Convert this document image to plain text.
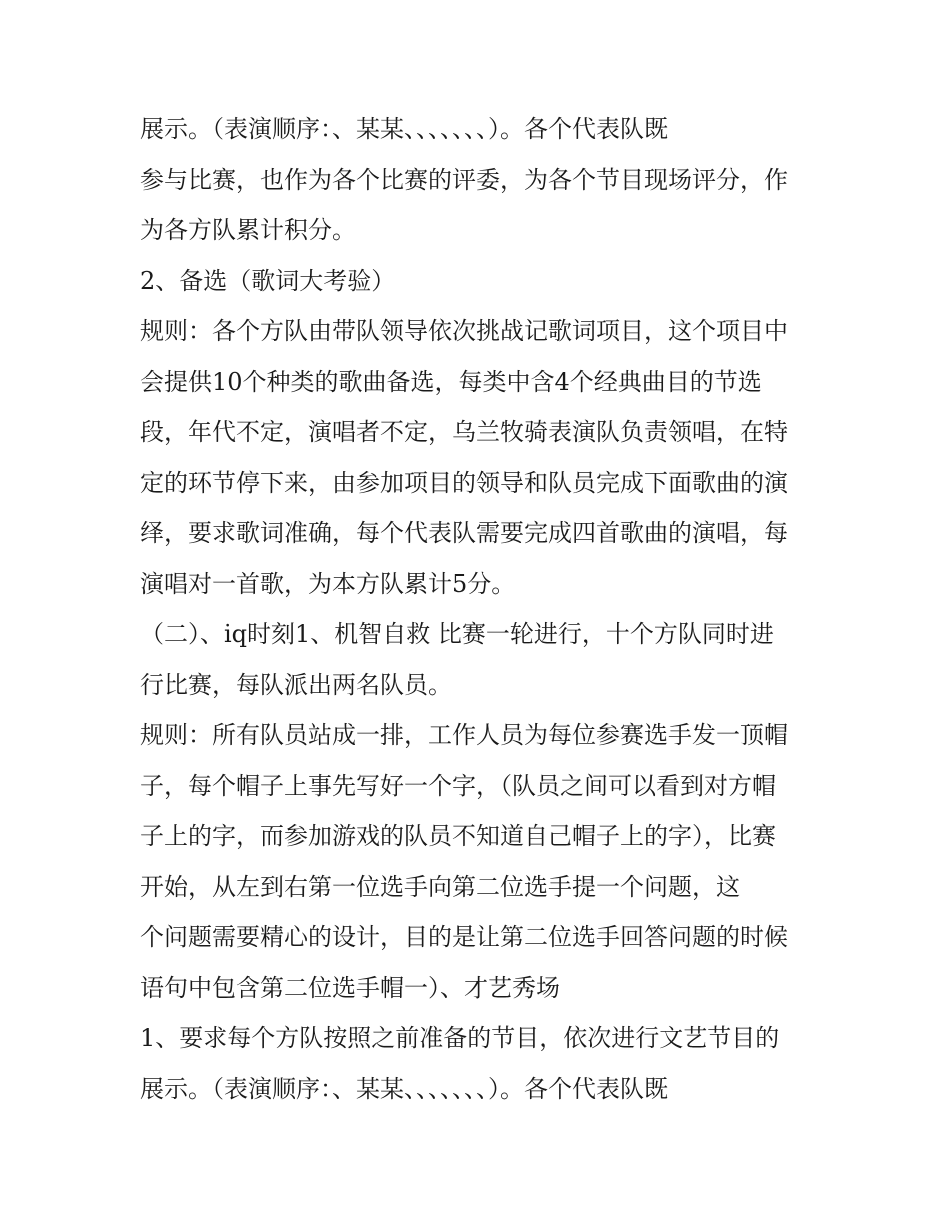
展示。（表演顺序：、某某、、、、、、、）。各个代表队既
参与比赛，也作为各个比赛的评委，为各个节目现场评分，作
为各方队累计积分。
2、备选（歌词大考验）
规则：各个方队由带队领导依次挑战记歌词项目，这个项目中
会提供10个种类的歌曲备选，每类中含4个经典曲目的节选
段，年代不定，演唱者不定，乌兰牧骑表演队负责领唱，在特
定的环节停下来，由参加项目的领导和队员完成下面歌曲的演
绎，要求歌词准确，每个代表队需要完成四首歌曲的演唱，每
演唱对一首歌，为本方队累计5分。
（二）、iq时刻1、机智自救 比赛一轮进行，十个方队同时进
行比赛，每队派出两名队员。
规则：所有队员站成一排，工作人员为每位参赛选手发一顶帽
子，每个帽子上事先写好一个字，（队员之间可以看到对方帽
子上的字，而参加游戏的队员不知道自己帽子上的字），比赛
开始，从左到右第一位选手向第二位选手提一个问题，这
个问题需要精心的设计，目的是让第二位选手回答问题的时候
语句中包含第二位选手帽一）、才艺秀场
1、要求每个方队按照之前准备的节目，依次进行文艺节目的
展示。（表演顺序：、某某、、、、、、、）。各个代表队既
